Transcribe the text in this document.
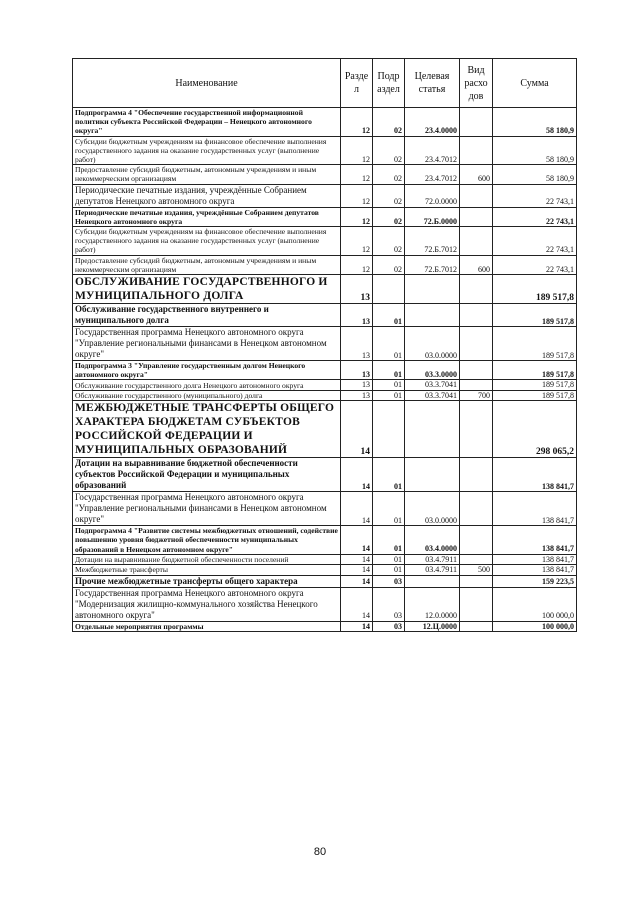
Наименование	Разде л	Подр аздел	Целевая статья	Вид расхо дов	Сумма
Подпрограмма 4 "Обеспечение государственной информационной политики субъекта Российской Федерации – Ненецкого автономного округа"	12	02	23.4.0000		58 180,9
Субсидии бюджетным учреждениям на финансовое обеспечение выполнения государственного задания на оказание государственных услуг (выполнение работ)	12	02	23.4.7012		58 180,9
Предоставление субсидий бюджетным, автономным учреждениям и иным некоммерческим организациям	12	02	23.4.7012	600	58 180,9
Периодические печатные издания, учреждённые Собранием депутатов Ненецкого автономного округа	12	02	72.0.0000		22 743,1
Периодические печатные издания, учреждённые Собранием депутатов Ненецкого автономного округа	12	02	72.Б.0000		22 743,1
Субсидии бюджетным учреждениям на финансовое обеспечение выполнения государственного задания на оказание государственных услуг (выполнение работ)	12	02	72.Б.7012		22 743,1
Предоставление субсидий бюджетным, автономным учреждениям и иным некоммерческим организациям	12	02	72.Б.7012	600	22 743,1
ОБСЛУЖИВАНИЕ ГОСУДАРСТВЕННОГО И МУНИЦИПАЛЬНОГО ДОЛГА	13				189 517,8
Обслуживание государственного внутреннего и муниципального долга	13	01			189 517,8
Государственная программа Ненецкого автономного округа "Управление региональными финансами в Ненецком автономном округе"	13	01	03.0.0000		189 517,8
Подпрограмма 3 "Управление государственным долгом Ненецкого автономного округа"	13	01	03.3.0000		189 517,8
Обслуживание государственного долга Ненецкого автономного округа	13	01	03.3.7041		189 517,8
Обслуживание государственного (муниципального) долга	13	01	03.3.7041	700	189 517,8
МЕЖБЮДЖЕТНЫЕ ТРАНСФЕРТЫ ОБЩЕГО ХАРАКТЕРА БЮДЖЕТАМ СУБЪЕКТОВ РОССИЙСКОЙ ФЕДЕРАЦИИ И МУНИЦИПАЛЬНЫХ ОБРАЗОВАНИЙ	14				298 065,2
Дотации на выравнивание бюджетной обеспеченности субъектов Российской Федерации и муниципальных образований	14	01			138 841,7
Государственная программа Ненецкого автономного округа "Управление региональными финансами в Ненецком автономном округе"	14	01	03.0.0000		138 841,7
Подпрограмма 4 "Развитие системы межбюджетных отношений, содействие повышению уровня бюджетной обеспеченности муниципальных образований в Ненецком автономном округе"	14	01	03.4.0000		138 841,7
Дотации на выравнивание бюджетной обеспеченности поселений	14	01	03.4.7911		138 841,7
Межбюджетные трансферты	14	01	03.4.7911	500	138 841,7
Прочие межбюджетные трансферты общего характера	14	03			159 223,5
Государственная программа Ненецкого автономного округа "Модернизация жилищно-коммунального хозяйства Ненецкого автономного округа"	14	03	12.0.0000		100 000,0
Отдельные мероприятия программы	14	03	12.Ц.0000		100 000,0
80
